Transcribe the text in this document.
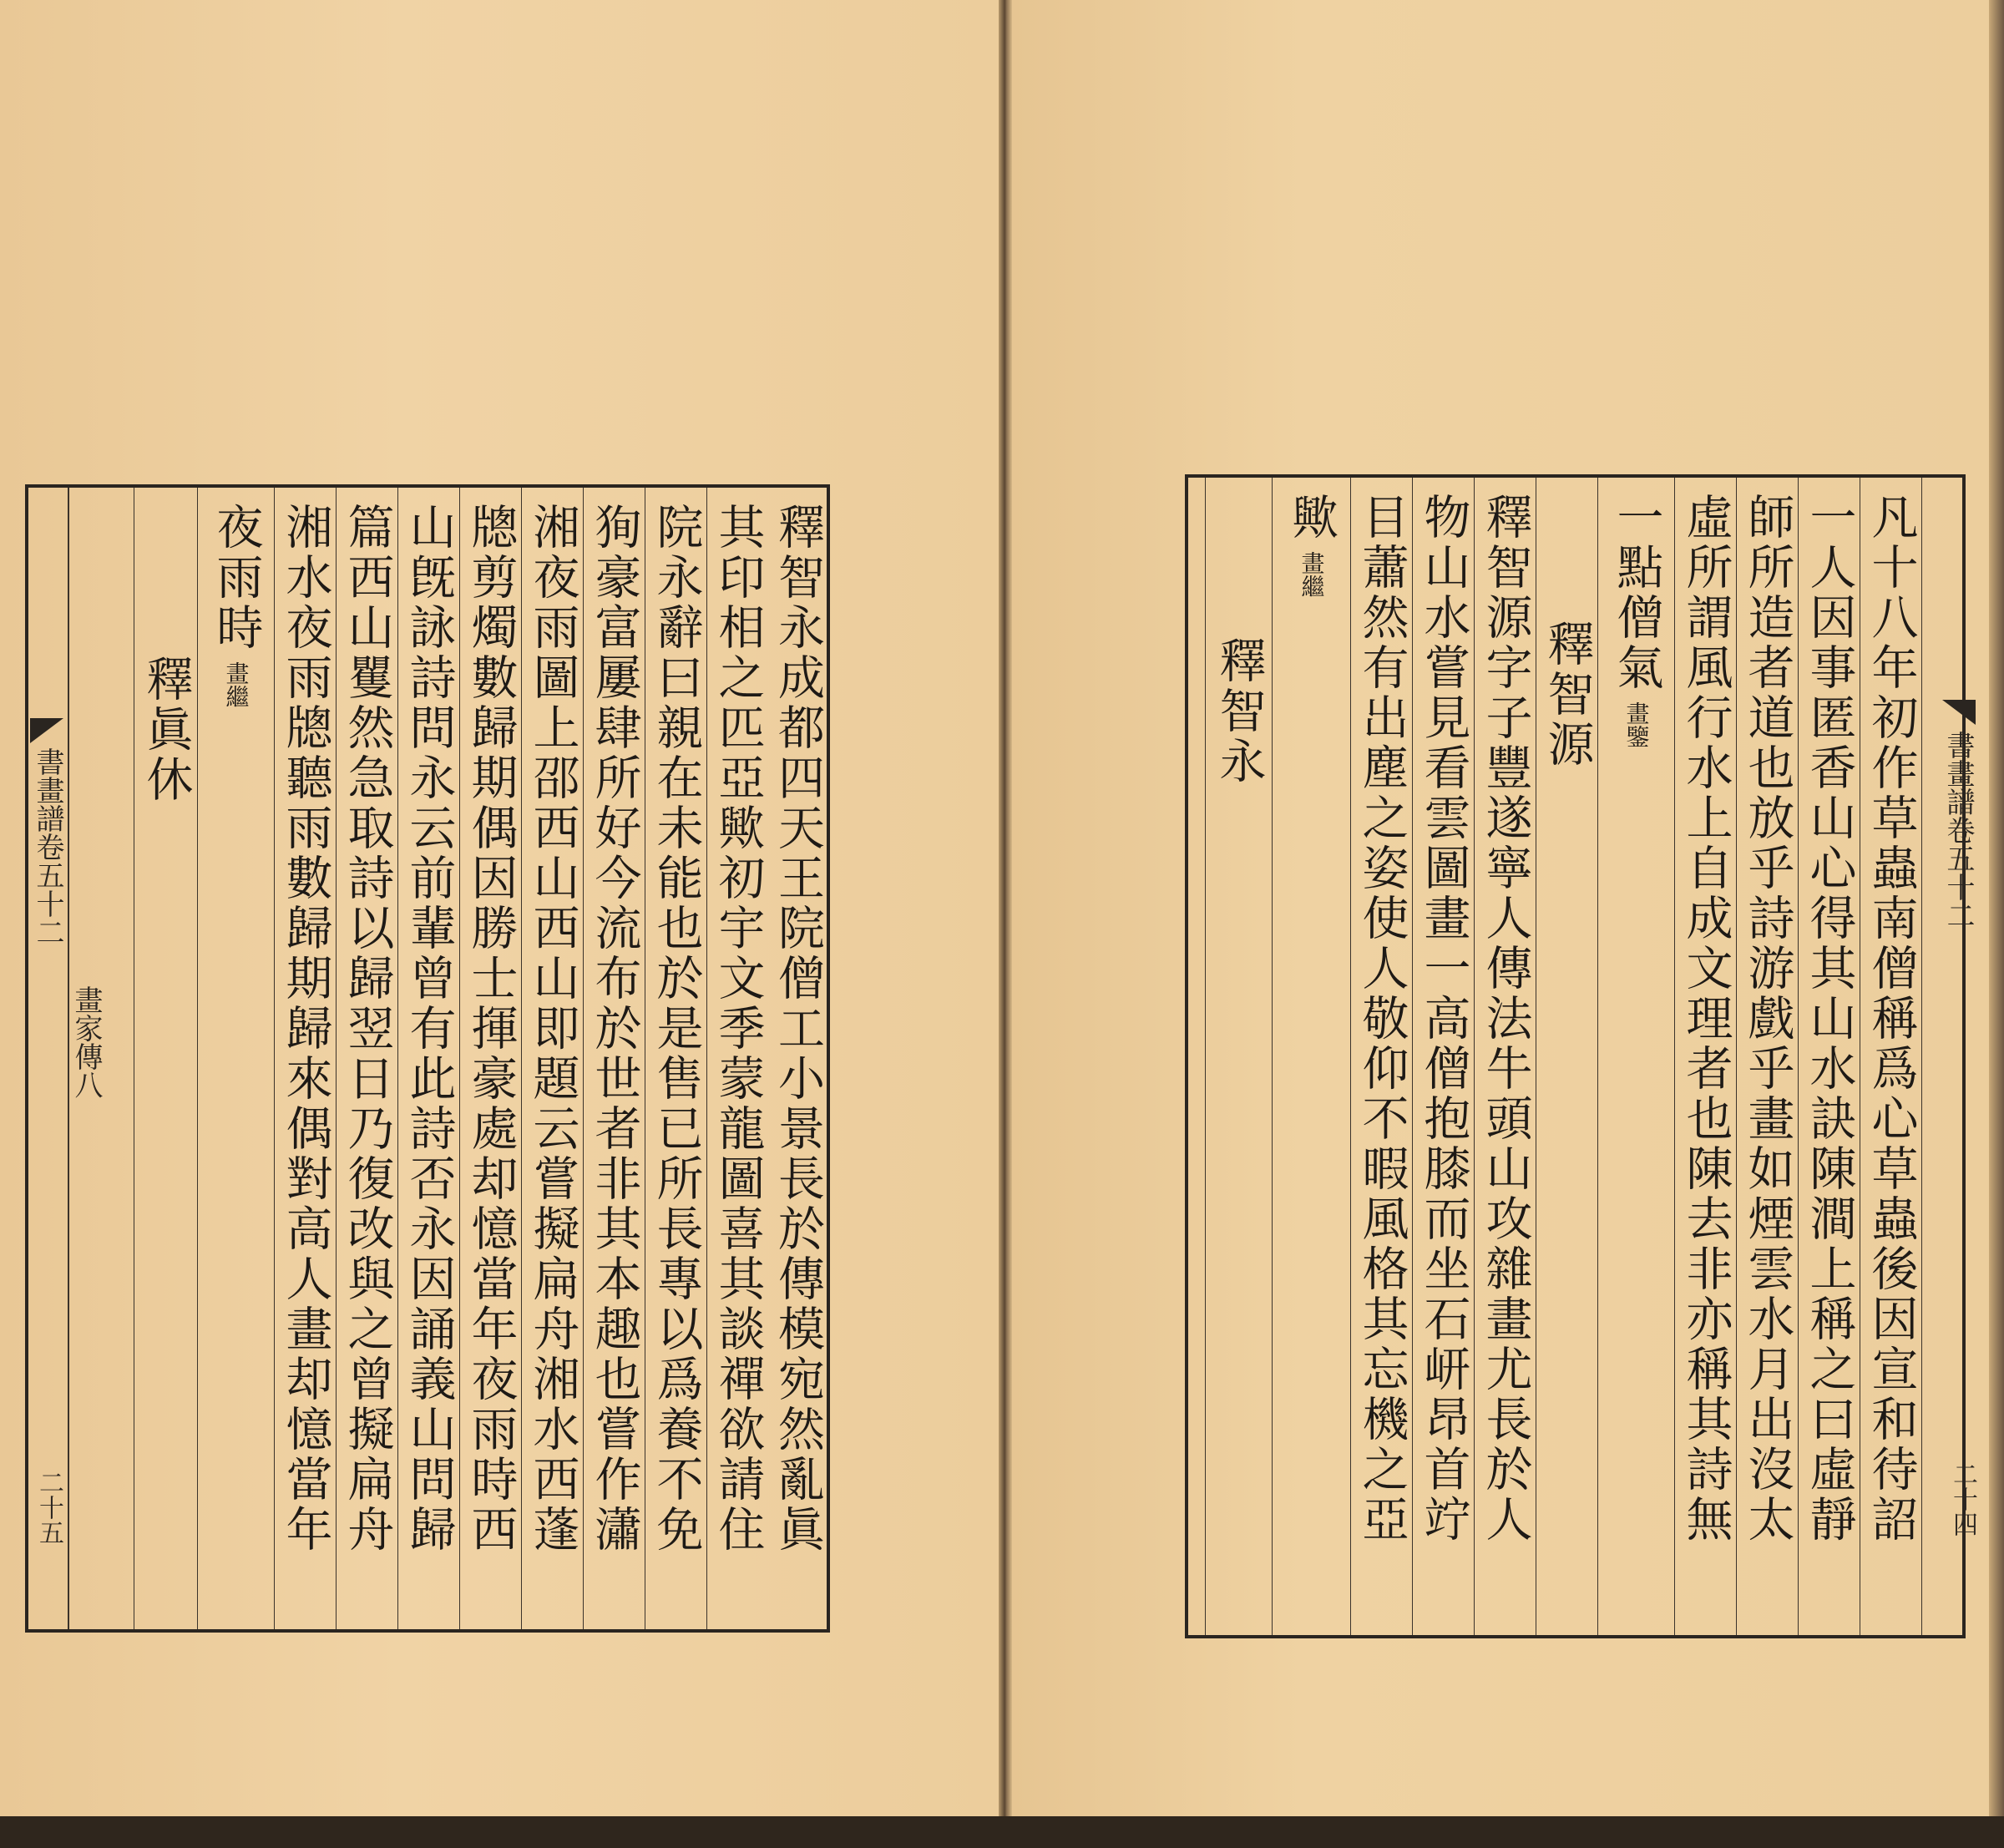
釋智永成都四天王院僧工小景長於傳模宛然亂眞
其印相之匹亞歟初宇文季蒙龍圖喜其談禪欲請住
院永辭曰親在未能也於是售已所長專以爲養不免
狥豪富屢肆所好今流布於世者非其本趣也嘗作瀟
湘夜雨圖上邵西山西山即題云嘗擬扁舟湘水西蓬
牕剪燭數歸期偶因勝士揮豪處却憶當年夜雨時西
山旣詠詩問永云前輩曾有此詩否永因誦義山問歸
篇西山矍然急取詩以歸翌日乃復改與之曾擬扁舟
湘水夜雨牕聽雨數歸期歸來偶對高人畫却憶當年
夜雨時
畫繼
釋眞休
書畫譜卷五十二
畫家傳八
二十五	凡十八年初作草蟲南僧稱爲心草蟲後因宣和待詔
一人因事匿香山心得其山水訣陳澗上稱之曰虛靜
師所造者道也放乎詩游戲乎畫如煙雲水月出沒太
虛所謂風行水上自成文理者也陳去非亦稱其詩無
一點僧氣
畫鑒
釋智源
釋智源字子豐遂寧人傳法牛頭山攻雜畫尤長於人
物山水嘗見看雲圖畫一高僧抱膝而坐石岍昂首竚
目蕭然有出塵之姿使人敬仰不暇風格其忘機之亞
歟
畫繼
釋智永
書畫譜卷五十二
二十四
